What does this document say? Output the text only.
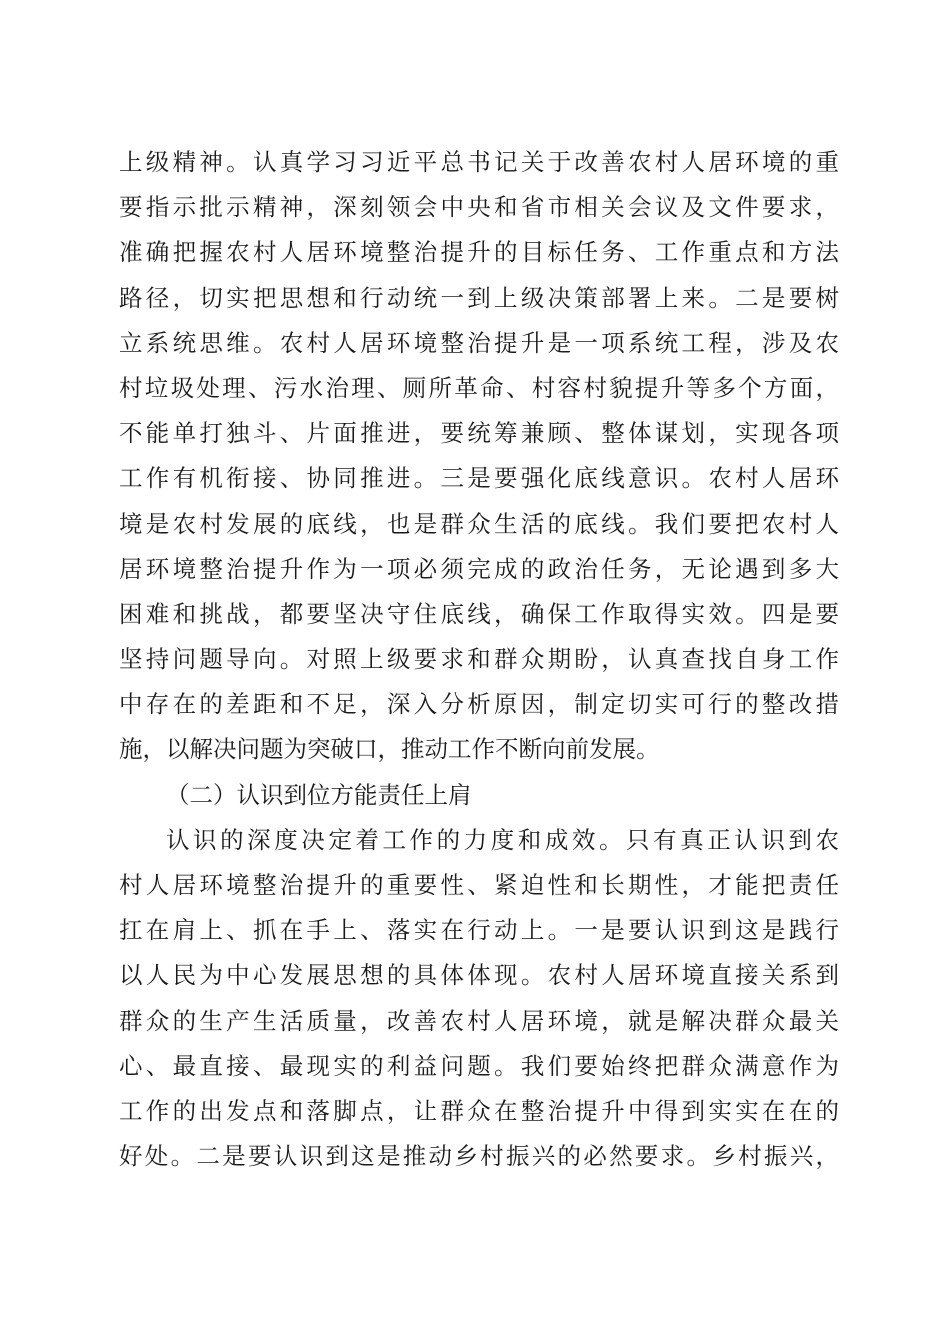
上级精神。认真学习习近平总书记关于改善农村人居环境的重
要指示批示精神，深刻领会中央和省市相关会议及文件要求，
准确把握农村人居环境整治提升的目标任务、工作重点和方法
路径，切实把思想和行动统一到上级决策部署上来。二是要树
立系统思维。农村人居环境整治提升是一项系统工程，涉及农
村垃圾处理、污水治理、厕所革命、村容村貌提升等多个方面，
不能单打独斗、片面推进，要统筹兼顾、整体谋划，实现各项
工作有机衔接、协同推进。三是要强化底线意识。农村人居环
境是农村发展的底线，也是群众生活的底线。我们要把农村人
居环境整治提升作为一项必须完成的政治任务，无论遇到多大
困难和挑战，都要坚决守住底线，确保工作取得实效。四是要
坚持问题导向。对照上级要求和群众期盼，认真查找自身工作
中存在的差距和不足，深入分析原因，制定切实可行的整改措
施，以解决问题为突破口，推动工作不断向前发展。
（二）认识到位方能责任上肩
认识的深度决定着工作的力度和成效。只有真正认识到农
村人居环境整治提升的重要性、紧迫性和长期性，才能把责任
扛在肩上、抓在手上、落实在行动上。一是要认识到这是践行
以人民为中心发展思想的具体体现。农村人居环境直接关系到
群众的生产生活质量，改善农村人居环境，就是解决群众最关
心、最直接、最现实的利益问题。我们要始终把群众满意作为
工作的出发点和落脚点，让群众在整治提升中得到实实在在的
好处。二是要认识到这是推动乡村振兴的必然要求。乡村振兴，
